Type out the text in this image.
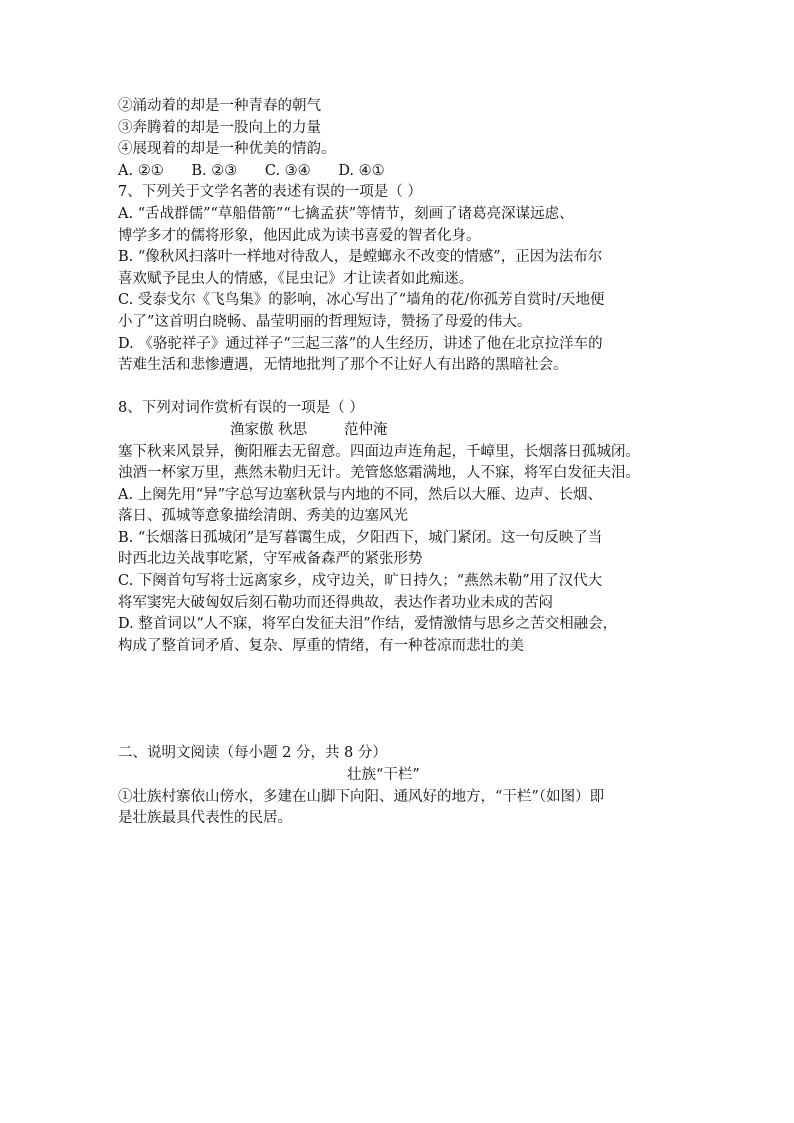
②涌动着的却是一种青春的朝气
③奔腾着的却是一股向上的力量
④展现着的却是一种优美的情韵。
A. ②①      B. ②③      C. ③④      D. ④①
7、下列关于文学名著的表述有误的一项是（ ）
A. “舌战群儒”“草船借箭”“七擒孟获”等情节，刻画了诸葛亮深谋远虑、
博学多才的儒将形象，他因此成为读书喜爱的智者化身。
B. “像秋风扫落叶一样地对待敌人，是螳螂永不改变的情感”，正因为法布尔
喜欢赋予昆虫人的情感，《昆虫记》才让读者如此痴迷。
C. 受泰戈尔《飞鸟集》的影响，冰心写出了“墙角的花/你孤芳自赏时/天地便
小了”这首明白晓畅、晶莹明丽的哲理短诗，赞扬了母爱的伟大。
D. 《骆驼祥子》通过祥子“三起三落”的人生经历，讲述了他在北京拉洋车的
苦难生活和悲惨遭遇，无情地批判了那个不让好人有出路的黑暗社会。
8、下列对词作赏析有误的一项是（ ）
渔家傲 秋思        范仲淹
塞下秋来风景异，衡阳雁去无留意。四面边声连角起，千嶂里，长烟落日孤城闭。
浊酒一杯家万里，燕然未勒归无计。羌管悠悠霜满地，人不寐，将军白发征夫泪。
A. 上阕先用“异”字总写边塞秋景与内地的不同，然后以大雁、边声、长烟、
落日、孤城等意象描绘清朗、秀美的边塞风光
B. “长烟落日孤城闭”是写暮霭生成，夕阳西下，城门紧闭。这一句反映了当
时西北边关战事吃紧，守军戒备森严的紧张形势
C. 下阕首句写将士远离家乡，戍守边关，旷日持久；“燕然未勒”用了汉代大
将军窦宪大破匈奴后刻石勒功而还得典故，表达作者功业未成的苦闷
D. 整首词以“人不寐，将军白发征夫泪”作结，爱情激情与思乡之苦交相融会，
构成了整首词矛盾、复杂、厚重的情绪，有一种苍凉而悲壮的美
二、说明文阅读（每小题 2 分，共 8 分）
壮族“干栏”
①壮族村寨依山傍水，多建在山脚下向阳、通风好的地方，“干栏”（如图）即
是壮族最具代表性的民居。
